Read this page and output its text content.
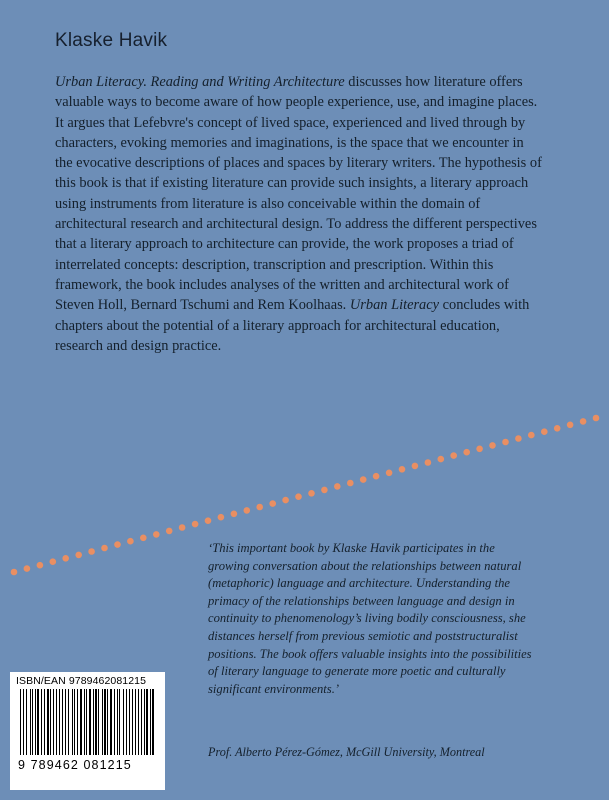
Klaske Havik
Urban Literacy. Reading and Writing Architecture discusses how literature offers valuable ways to become aware of how people experience, use, and imagine places. It argues that Lefebvre's concept of lived space, experienced and lived through by characters, evoking memories and imaginations, is the space that we encounter in the evocative descriptions of places and spaces by literary writers. The hypothesis of this book is that if existing literature can provide such insights, a literary approach using instruments from literature is also conceivable within the domain of architectural research and architectural design. To address the different perspectives that a literary approach to architecture can provide, the work proposes a triad of interrelated concepts: description, transcription and prescription. Within this framework, the book includes analyses of the written and architectural work of Steven Holl, Bernard Tschumi and Rem Koolhaas. Urban Literacy concludes with chapters about the potential of a literary approach for architectural education, research and design practice.
‘This important book by Klaske Havik participates in the growing conversation about the relationships between natural (metaphoric) language and architecture. Understanding the primacy of the relationships between language and design in continuity to phenomenology’s living bodily consciousness, she distances herself from previous semiotic and poststructuralist positions. The book offers valuable insights into the possibilities of literary language to generate more poetic and culturally significant environments.’
Prof. Alberto Pérez-Gómez, McGill University, Montreal
ISBN/EAN 9789462081215
9 789462 081215
